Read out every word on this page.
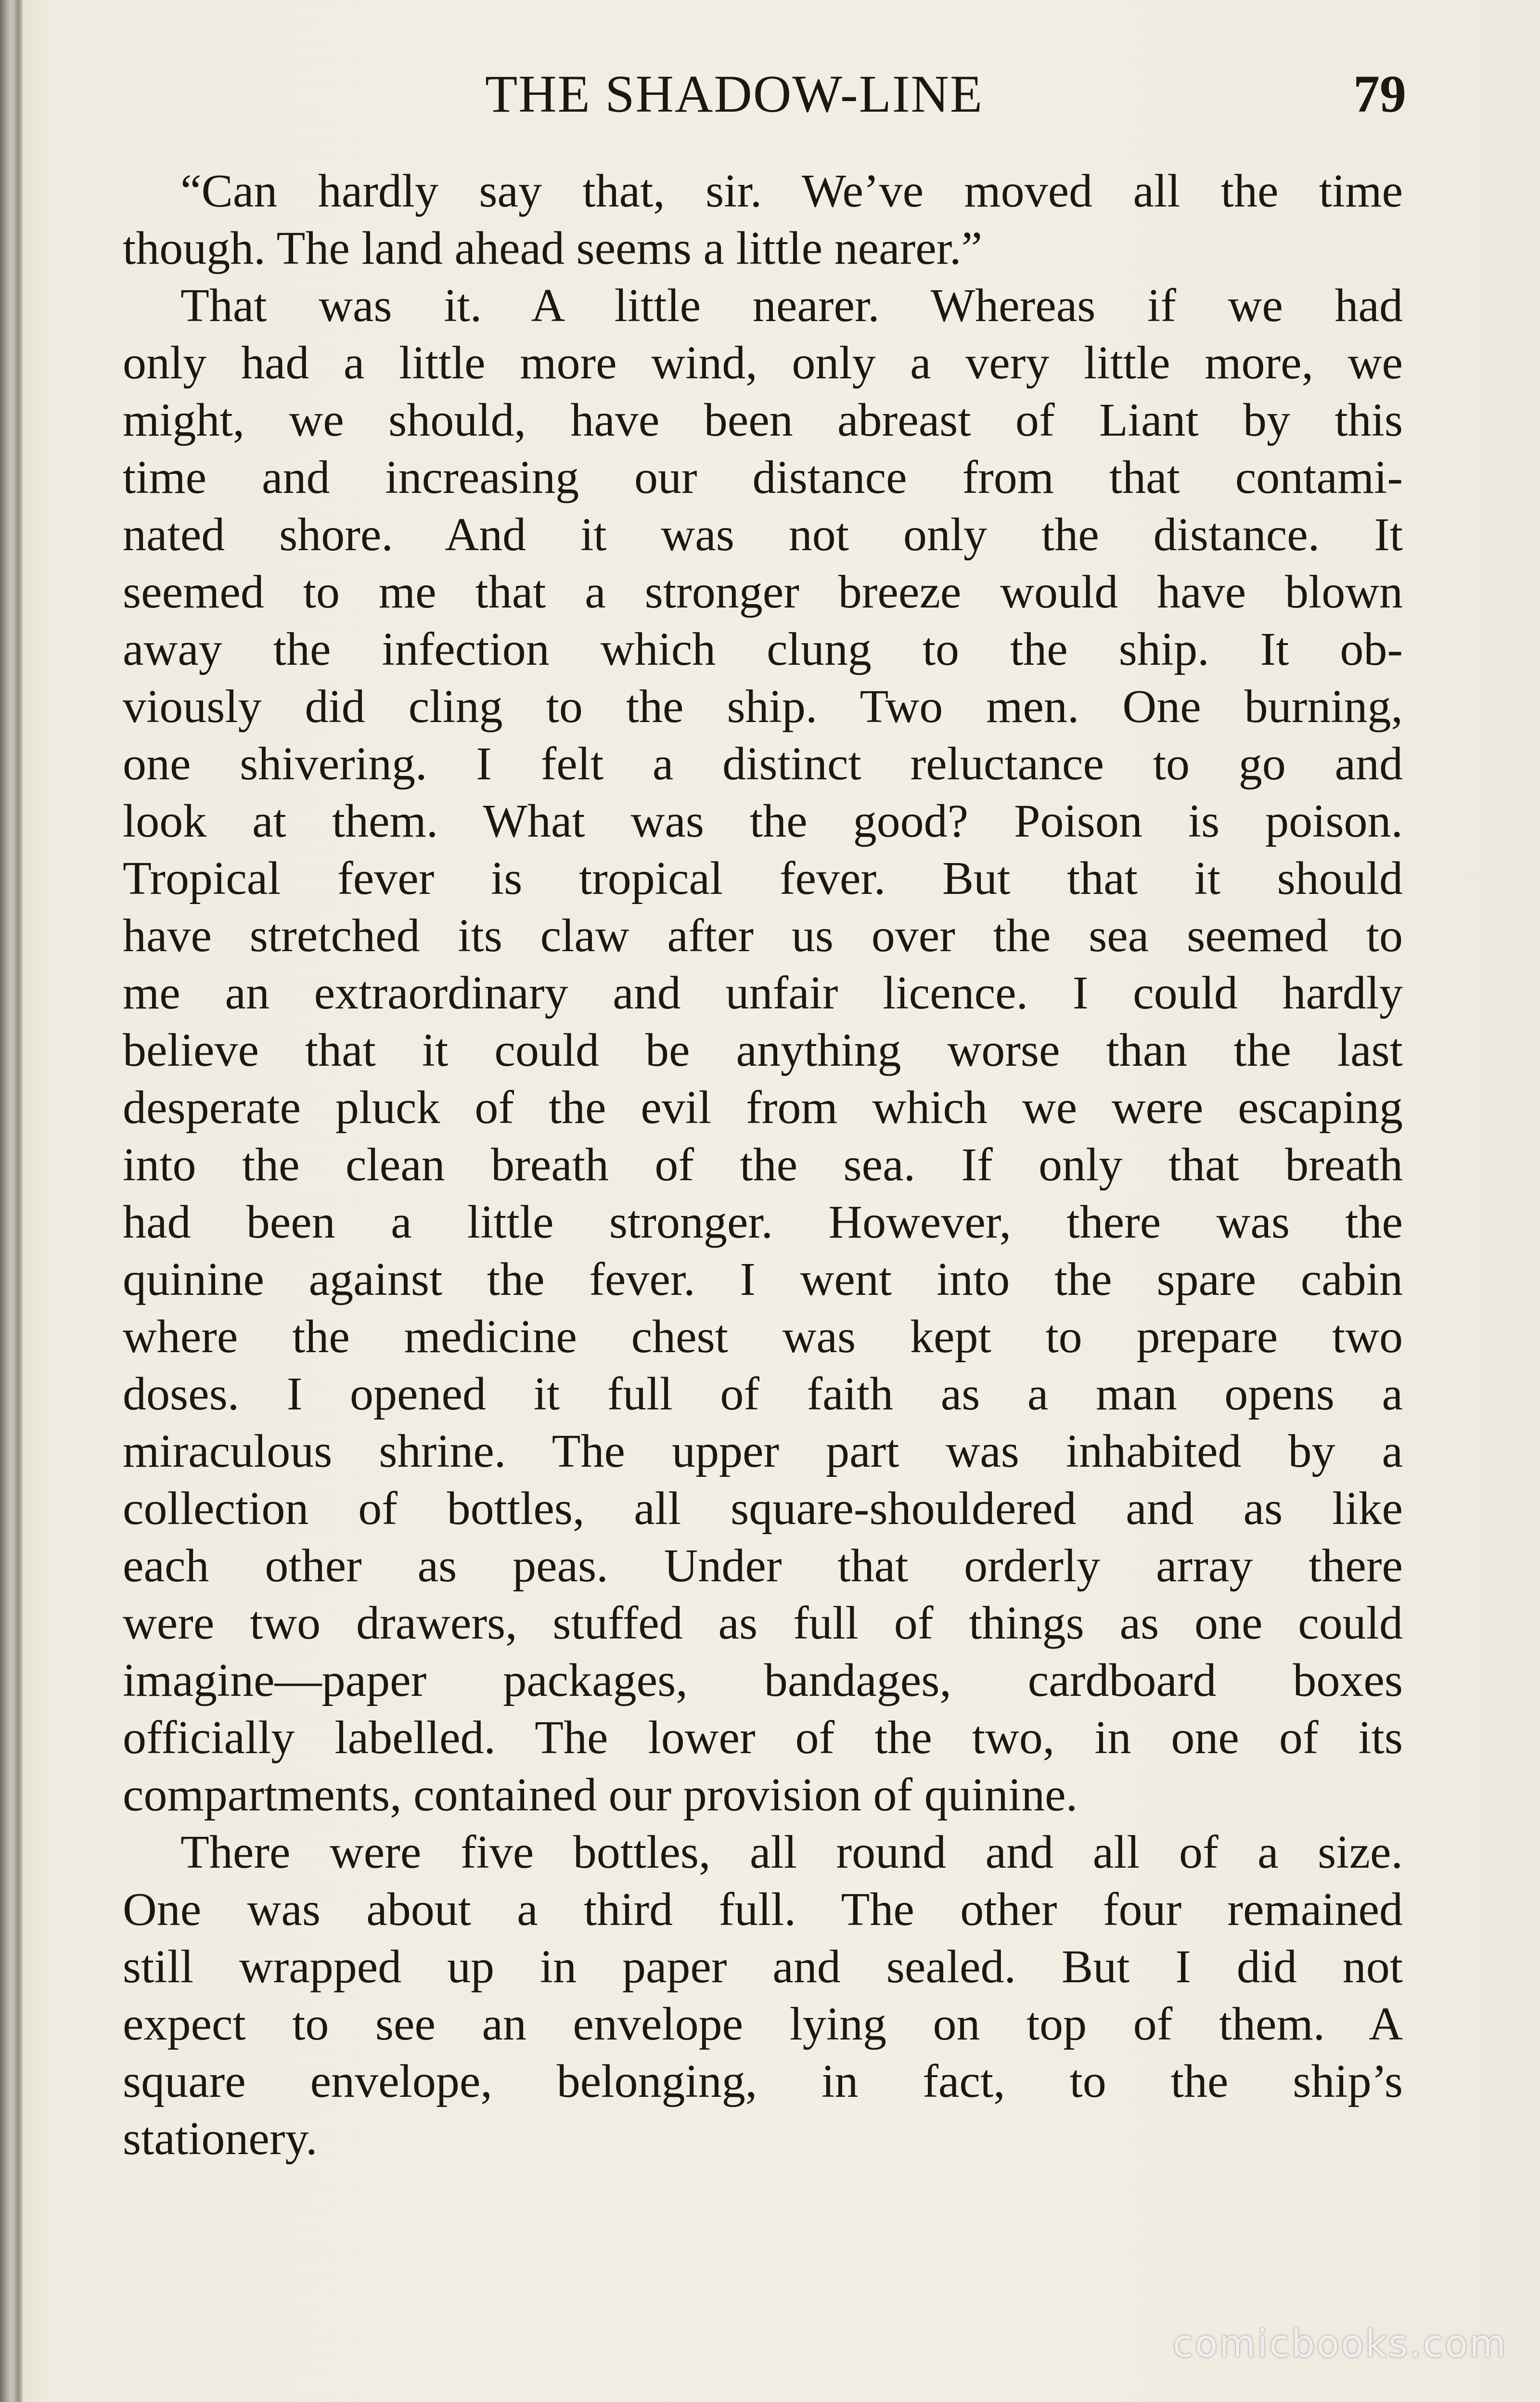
THE SHADOW-LINE	79
“Can hardly say that, sir. We’ve moved all the time
though. The land ahead seems a little nearer.”
That was it. A little nearer. Whereas if we had
only had a little more wind, only a very little more, we
might, we should, have been abreast of Liant by this
time and increasing our distance from that contami-
nated shore. And it was not only the distance. It
seemed to me that a stronger breeze would have blown
away the infection which clung to the ship. It ob-
viously did cling to the ship. Two men. One burning,
one shivering. I felt a distinct reluctance to go and
look at them. What was the good? Poison is poison.
Tropical fever is tropical fever. But that it should
have stretched its claw after us over the sea seemed to
me an extraordinary and unfair licence. I could hardly
believe that it could be anything worse than the last
desperate pluck of the evil from which we were escaping
into the clean breath of the sea. If only that breath
had been a little stronger. However, there was the
quinine against the fever. I went into the spare cabin
where the medicine chest was kept to prepare two
doses. I opened it full of faith as a man opens a
miraculous shrine. The upper part was inhabited by a
collection of bottles, all square-shouldered and as like
each other as peas. Under that orderly array there
were two drawers, stuffed as full of things as one could
imagine—paper packages, bandages, cardboard boxes
officially labelled. The lower of the two, in one of its
compartments, contained our provision of quinine.
There were five bottles, all round and all of a size.
One was about a third full. The other four remained
still wrapped up in paper and sealed. But I did not
expect to see an envelope lying on top of them. A
square envelope, belonging, in fact, to the ship’s
stationery.
comicbooks.com
